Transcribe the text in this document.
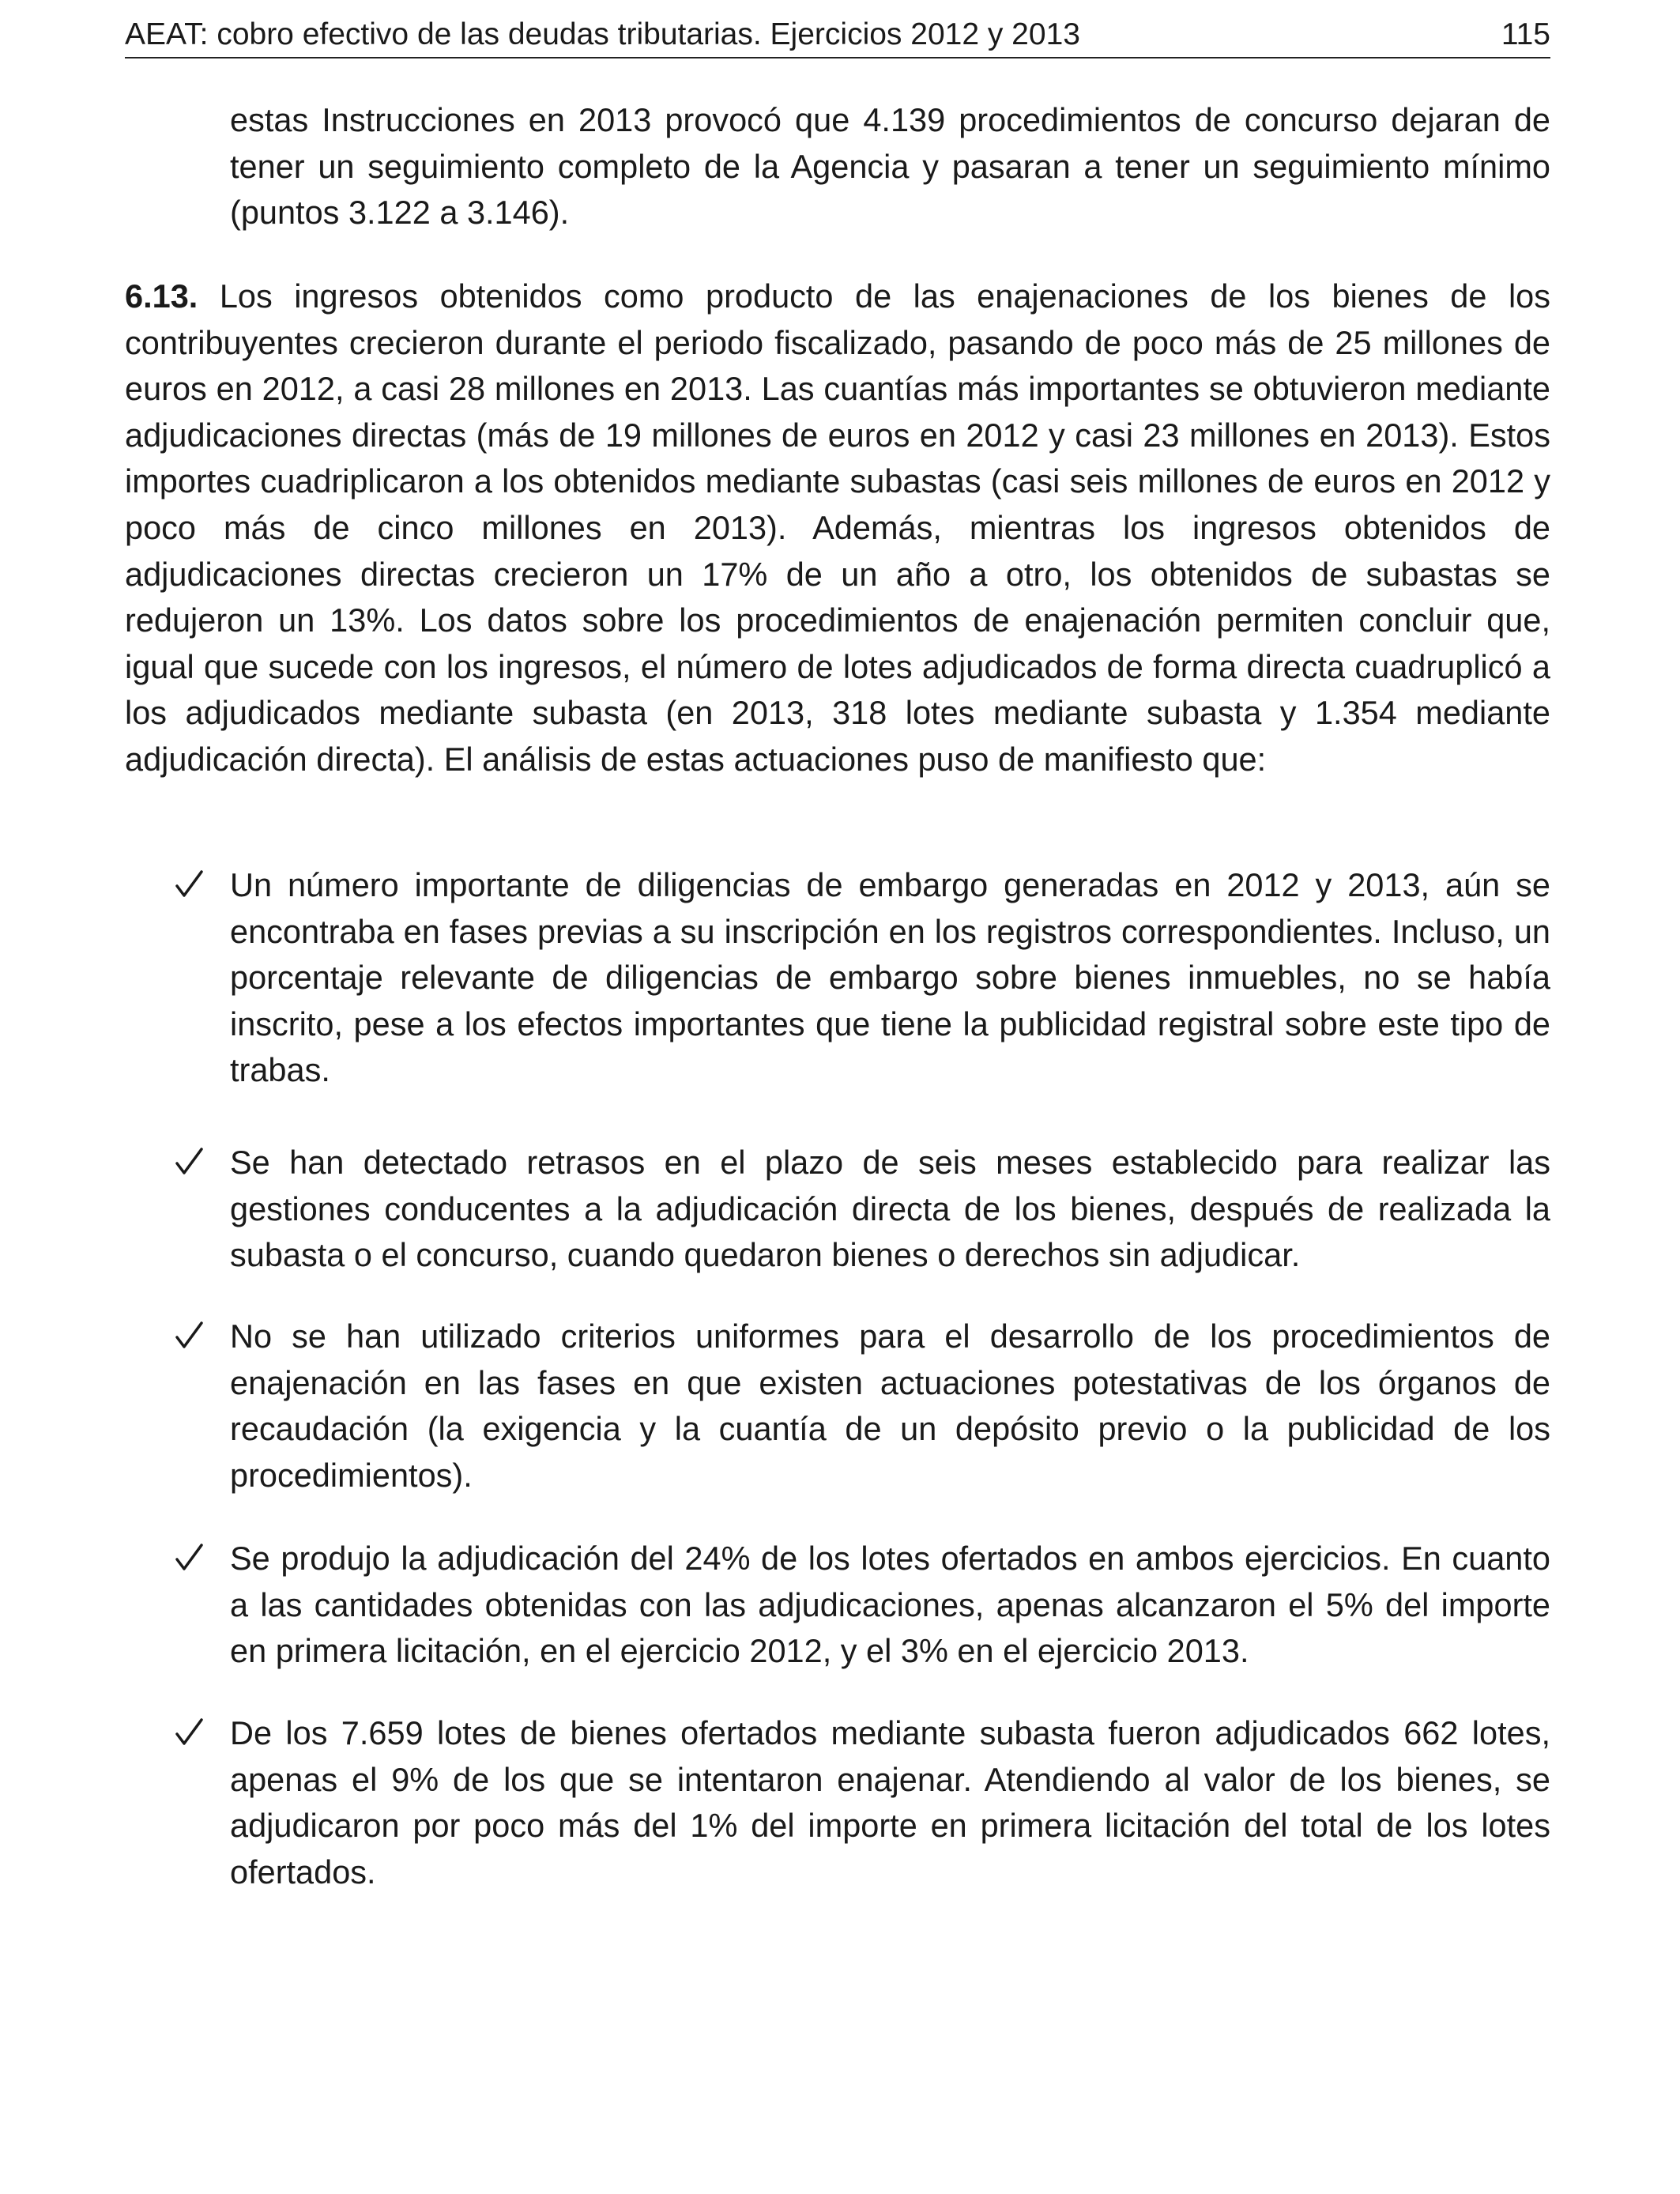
AEAT: cobro efectivo de las deudas tributarias. Ejercicios 2012 y 2013	115

estas Instrucciones en 2013 provocó que 4.139 procedimientos de concurso dejaran de tener un seguimiento completo de la Agencia y pasaran a tener un seguimiento mínimo (puntos 3.122 a 3.146).

6.13. Los ingresos obtenidos como producto de las enajenaciones de los bienes de los contribuyentes crecieron durante el periodo fiscalizado, pasando de poco más de 25 millones de euros en 2012, a casi 28 millones en 2013. Las cuantías más importantes se obtuvieron mediante adjudicaciones directas (más de 19 millones de euros en 2012 y casi 23 millones en 2013). Estos importes cuadriplicaron a los obtenidos mediante subastas (casi seis millones de euros en 2012 y poco más de cinco millones en 2013). Además, mientras los ingresos obtenidos de adjudicaciones directas crecieron un 17% de un año a otro, los obtenidos de subastas se redujeron un 13%. Los datos sobre los procedimientos de enajenación permiten concluir que, igual que sucede con los ingresos, el número de lotes adjudicados de forma directa cuadruplicó a los adjudicados mediante subasta (en 2013, 318 lotes mediante subasta y 1.354 mediante adjudicación directa). El análisis de estas actuaciones puso de manifiesto que:

Un número importante de diligencias de embargo generadas en 2012 y 2013, aún se encontraba en fases previas a su inscripción en los registros correspondientes. Incluso, un porcentaje relevante de diligencias de embargo sobre bienes inmuebles, no se había inscrito, pese a los efectos importantes que tiene la publicidad registral sobre este tipo de trabas.
Se han detectado retrasos en el plazo de seis meses establecido para realizar las gestiones conducentes a la adjudicación directa de los bienes, después de realizada la subasta o el concurso, cuando quedaron bienes o derechos sin adjudicar.
No se han utilizado criterios uniformes para el desarrollo de los procedimientos de enajenación en las fases en que existen actuaciones potestativas de los órganos de recaudación (la exigencia y la cuantía de un depósito previo o la publicidad de los procedimientos).
Se produjo la adjudicación del 24% de los lotes ofertados en ambos ejercicios. En cuanto a las cantidades obtenidas con las adjudicaciones, apenas alcanzaron el 5% del importe en primera licitación, en el ejercicio 2012, y el 3% en el ejercicio 2013.
De los 7.659 lotes de bienes ofertados mediante subasta fueron adjudicados 662 lotes, apenas el 9% de los que se intentaron enajenar. Atendiendo al valor de los bienes, se adjudicaron por poco más del 1% del importe en primera licitación del total de los lotes ofertados.
